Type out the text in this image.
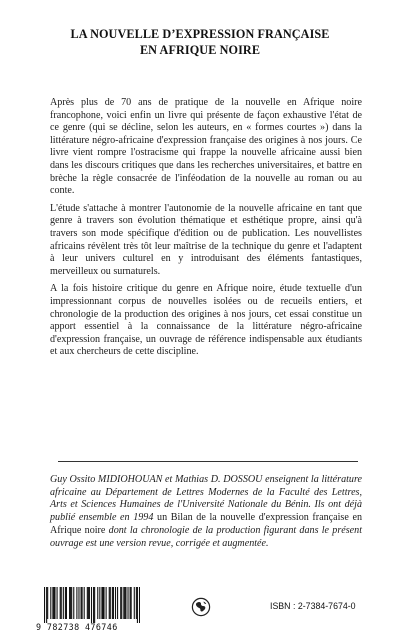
LA NOUVELLE D’EXPRESSION FRANÇAISE
EN AFRIQUE NOIRE

Après plus de 70 ans de pratique de la nouvelle en Afrique noire francophone, voici enfin un livre qui présente de façon exhaustive l'état de ce genre (qui se décline, selon les auteurs, en « formes courtes ») dans la littérature négro-africaine d'expression française des origines à nos jours. Ce livre vient rompre l'ostracisme qui frappe la nouvelle africaine aussi bien dans les discours critiques que dans les recherches universitaires, et battre en brèche la règle consacrée de l'inféodation de la nouvelle au roman ou au conte.

L'étude s'attache à montrer l'autonomie de la nouvelle africaine en tant que genre à travers son évolution thématique et esthétique propre, ainsi qu'à travers son mode spécifique d'édition ou de publication. Les nouvellistes africains révèlent très tôt leur maîtrise de la technique du genre et l'adaptent à leur univers culturel en y introduisant des éléments fantastiques, merveilleux ou surnaturels.

A la fois histoire critique du genre en Afrique noire, étude textuelle d'un impressionnant corpus de nouvelles isolées ou de recueils entiers, et chronologie de la production des origines à nos jours, cet essai constitue un apport essentiel à la connaissance de la littérature négro-africaine d'expression française, un ouvrage de référence indispensable aux étudiants et aux chercheurs de cette discipline.

Guy Ossito MIDIOHOUAN et Mathias D. DOSSOU enseignent la littérature africaine au Département de Lettres Modernes de la Faculté des Lettres, Arts et Sciences Humaines de l'Université Nationale du Bénin. Ils ont déjà publié ensemble en 1994 un Bilan de la nouvelle d'expression française en Afrique noire dont la chronologie de la production figurant dans le présent ouvrage est une version revue, corrigée et augmentée.
9 782738 476746
ISBN : 2-7384-7674-0
